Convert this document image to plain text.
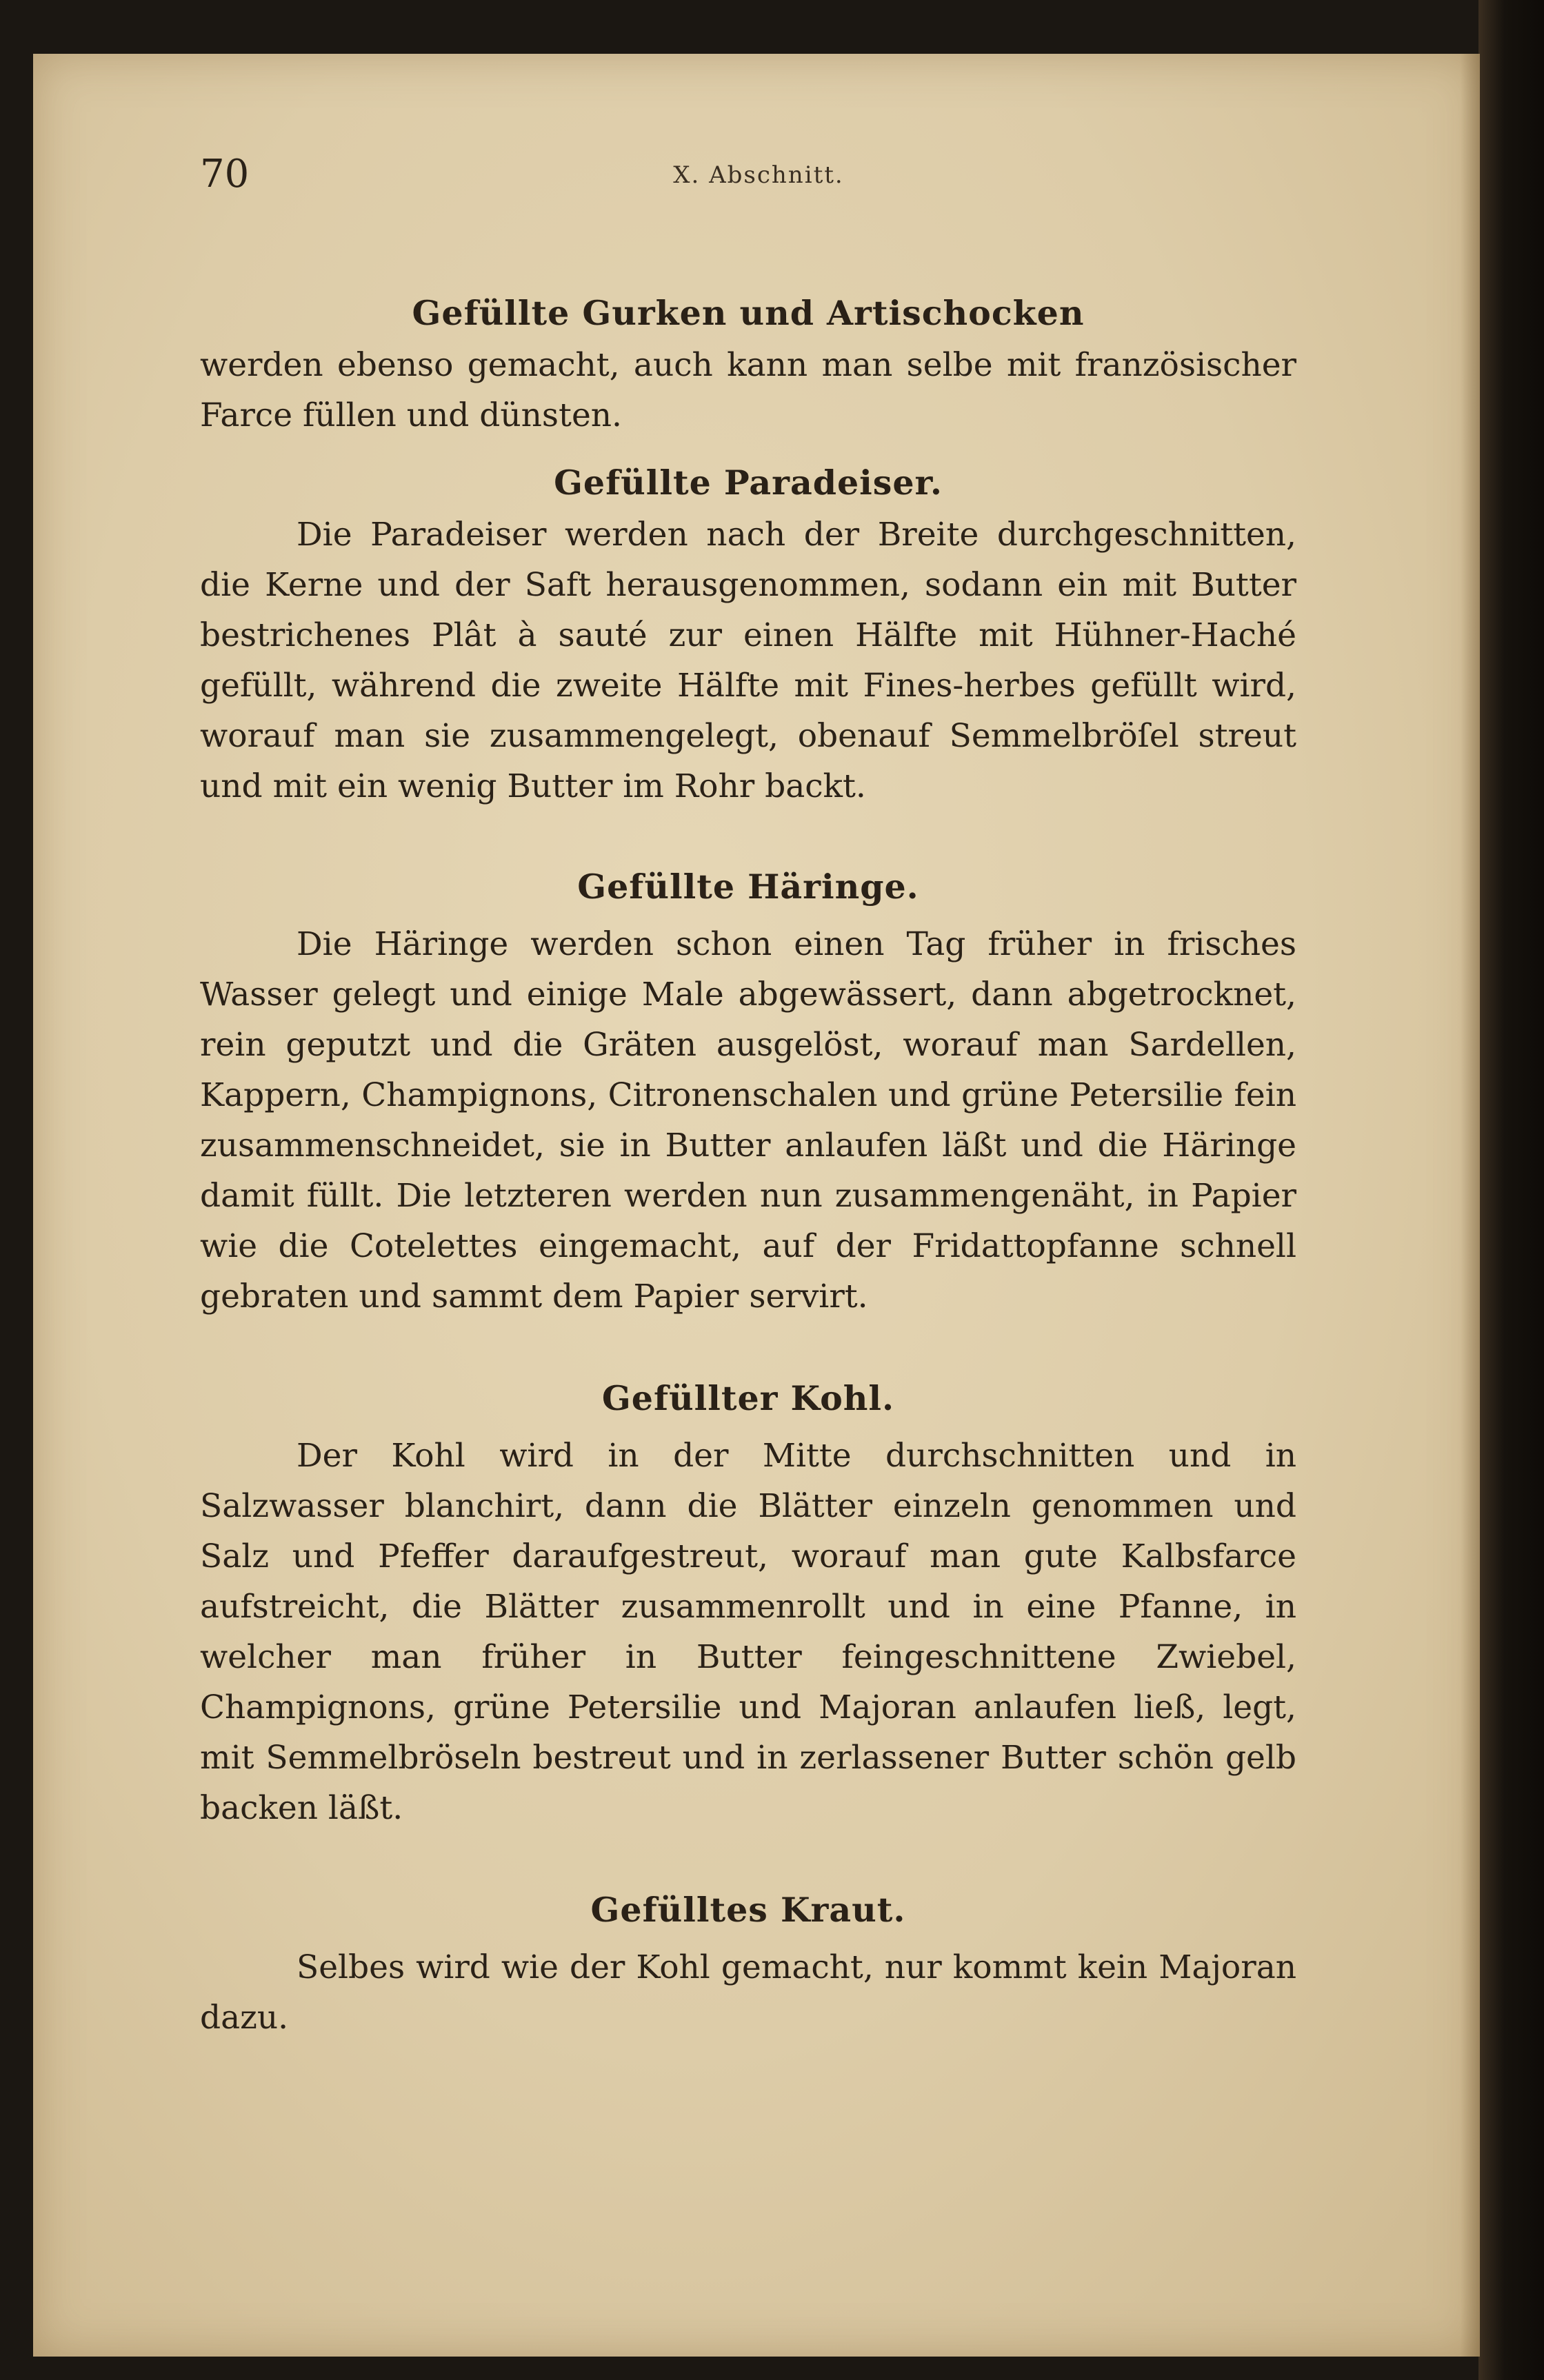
70	X. Abschnitt.
Gefüllte Gurken und Artischocken

werden ebenso gemacht, auch kann man selbe mit französischer Farce füllen und dünsten.

Gefüllte Paradeiser.

Die Paradeiser werden nach der Breite durchgeschnitten, die Kerne und der Saft herausgenommen, sodann ein mit Butter bestrichenes Plât à sauté zur einen Hälfte mit Hühner-Haché gefüllt, während die zweite Hälfte mit Fines-herbes gefüllt wird, worauf man sie zusammengelegt, obenauf Semmelbröſel streut und mit ein wenig Butter im Rohr backt.

Gefüllte Häringe.

Die Häringe werden schon einen Tag früher in frisches Wasser gelegt und einige Male abgewässert, dann abgetrocknet, rein geputzt und die Gräten ausgelöst, worauf man Sardellen, Kappern, Champignons, Citronenschalen und grüne Petersilie fein zusammenschneidet, sie in Butter anlaufen läßt und die Häringe damit füllt. Die letzteren werden nun zusammengenäht, in Papier wie die Cotelettes eingemacht, auf der Fridattopfanne schnell gebraten und sammt dem Papier servirt.

Gefüllter Kohl.

Der Kohl wird in der Mitte durchschnitten und in Salzwasser blanchirt, dann die Blätter einzeln genommen und Salz und Pfeffer daraufgestreut, worauf man gute Kalbsfarce aufstreicht, die Blätter zusammenrollt und in eine Pfanne, in welcher man früher in Butter feingeschnittene Zwiebel, Champignons, grüne Petersilie und Majoran anlaufen ließ, legt, mit Semmelbröseln bestreut und in zerlassener Butter schön gelb backen läßt.

Gefülltes Kraut.

Selbes wird wie der Kohl gemacht, nur kommt kein Majoran dazu.
